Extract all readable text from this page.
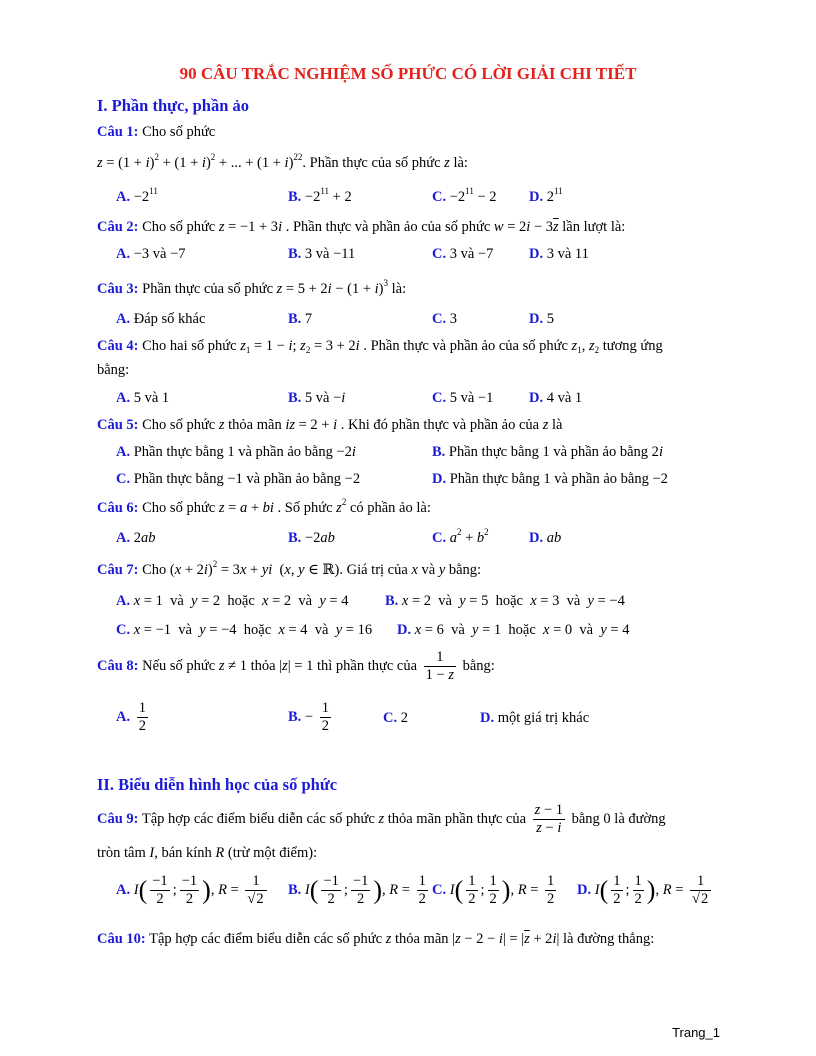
90 CÂU TRẮC NGHIỆM SỐ PHỨC CÓ LỜI GIẢI CHI TIẾT
I. Phần thực, phần ảo
Câu 1: Cho số phức
$z = (1 + i)^2 + (1 + i)^2$ + ... + $(1 + i)^{22}$. Phần thực của số phức z là:
A. $-2^{11}$	B. $-2^{11} + 2$	C. $-2^{11} - 2$ D. $2^{11}$
Câu 2: Cho số phức z = −1 + 3i . Phần thực và phần ảo của số phức $w = 2i - 3\overline{z}$ lần lượt là:
A. −3 và −7	B. 3 và −11	C. 3 và −7 D. 3 và 11
Câu 3: Phần thực của số phức $z = 5 + 2i - (1 + i)^3$ là:
A. Đáp số khác	B. 7	C. 3	D. 5
Câu 4: Cho hai số phức $z_1 = 1 - i$; $z_2 = 3 + 2i$ . Phần thực và phần ảo của số phức $z_1$, $z_2$ tương ứng
bằng:
A. 5 và 1	B. 5 và −i	C. 5 và −1 D. 4 và 1
Câu 5: Cho số phức z thỏa mãn iz = 2 + i . Khi đó phần thực và phần ảo của z là
A. Phần thực bằng 1 và phần ảo bằng −2i	B. Phần thực bằng 1 và phần ảo bằng 2i
C. Phần thực bằng −1 và phần ảo bằng −2	D. Phần thực bằng 1 và phần ảo bằng −2
Câu 6: Cho số phức z = a + bi . Số phức $z^2$ có phần ảo là:
A. 2ab	B. −2ab	C. $a^2 + b^2$	D. ab
Câu 7: Cho $(x + 2i)^2 = 3x$ + yi  (x, y ∈ ℝ). Giá trị của x và y bằng:
A. x = 1  và  y = 2  hoặc  x = 2  và  y = 4	B. x = 2  và  y = 5  hoặc  x = 3  và  y = −4
C. x = −1  và  y = −4  hoặc  x = 4  và  y = 16 D. x = 6  và  y = 1  hoặc  x = 0  và  y = 4
Câu 8: Nếu số phức z ≠ 1 thỏa |z| = 1 thì phần thực của $\frac{1}{1 - z}$ bằng:
A. $\frac{1}{2}$	B. − $\frac{1}{2}$	C. 2	D. một giá trị khác
II. Biểu diễn hình học của số phức
Câu 9: Tập hợp các điểm biểu diễn các số phức z thỏa mãn phần thực của $\frac{z - 1}{z - i}$ bằng 0 là đường
tròn tâm I, bán kính R (trừ một điểm):
A. $I( \frac{-1}{2}$ ; $\frac{-1}{2}$ ), $R = \frac{1}{√2} B$. $I( \frac{-1}{2}$ ; $\frac{-1}{2}$ ), $R = \frac{1}{2} C$. $I( \frac{1}{2}$ ; $\frac{1}{2}$ ), $R = \frac{1}{2} D$. $I( \frac{1}{2}$ ; $\frac{1}{2}$ ), $R = \frac{1}{√2}$
Câu 10: Tập hợp các điểm biểu diễn các số phức z thỏa mãn $|z - 2 - i| = |\overline{z} + 2i|$ là đường thẳng:
Trang_1
